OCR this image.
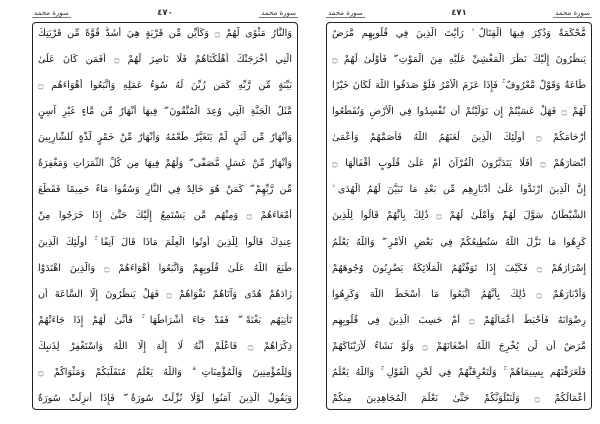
سورة محمد	٤٧٠	سورة محمد	سورة محمد	٤٧١	سورة محمد
وَالنَّارُ مَثْوًى لَّهُمْ ۝ وَكَأَيِّن مِّن قَرْيَةٍ هِيَ أَشَدُّ قُوَّةً مِّن قَرْيَتِكَ
الَّتِي أَخْرَجَتْكَ أَهْلَكْنَاهُمْ فَلَا نَاصِرَ لَهُمْ ۝ أَفَمَن كَانَ عَلَىٰ
بَيِّنَةٍ مِّن رَّبِّهِ كَمَن زُيِّنَ لَهُ سُوءُ عَمَلِهِ وَاتَّبَعُوا أَهْوَاءَهُم ۝
مَّثَلُ الْجَنَّةِ الَّتِي وُعِدَ الْمُتَّقُونَ ۖ فِيهَا أَنْهَارٌ مِّن مَّاءٍ غَيْرِ آسِنٍ
وَأَنْهَارٌ مِّن لَّبَنٍ لَّمْ يَتَغَيَّرْ طَعْمُهُ وَأَنْهَارٌ مِّنْ خَمْرٍ لَّذَّةٍ لِّلشَّارِبِينَ
وَأَنْهَارٌ مِّنْ عَسَلٍ مُّصَفًّى ۖ وَلَهُمْ فِيهَا مِن كُلِّ الثَّمَرَاتِ وَمَغْفِرَةٌ
مِّن رَّبِّهِمْ ۖ كَمَنْ هُوَ خَالِدٌ فِي النَّارِ وَسُقُوا مَاءً حَمِيمًا فَقَطَّعَ
أَمْعَاءَهُمْ ۝ وَمِنْهُم مَّن يَسْتَمِعُ إِلَيْكَ حَتَّىٰ إِذَا خَرَجُوا مِنْ
عِندِكَ قَالُوا لِلَّذِينَ أُوتُوا الْعِلْمَ مَاذَا قَالَ آنِفًا ۚ أُولَٰئِكَ الَّذِينَ
طَبَعَ اللَّهُ عَلَىٰ قُلُوبِهِمْ وَاتَّبَعُوا أَهْوَاءَهُمْ ۝ وَالَّذِينَ اهْتَدَوْا
زَادَهُمْ هُدًى وَآتَاهُمْ تَقْوَاهُمْ ۝ فَهَلْ يَنظُرُونَ إِلَّا السَّاعَةَ أَن
تَأْتِيَهُم بَغْتَةً ۖ فَقَدْ جَاءَ أَشْرَاطُهَا ۚ فَأَنَّىٰ لَهُمْ إِذَا جَاءَتْهُمْ
ذِكْرَاهُمْ ۝ فَاعْلَمْ أَنَّهُ لَا إِلَٰهَ إِلَّا اللَّهُ وَاسْتَغْفِرْ لِذَنبِكَ
وَلِلْمُؤْمِنِينَ وَالْمُؤْمِنَاتِ ۗ وَاللَّهُ يَعْلَمُ مُتَقَلَّبَكُمْ وَمَثْوَاكُمْ ۝
وَيَقُولُ الَّذِينَ آمَنُوا لَوْلَا نُزِّلَتْ سُورَةٌ ۖ فَإِذَا أُنزِلَتْ سُورَةٌ
مُّحْكَمَةٌ وَذُكِرَ فِيهَا الْقِتَالُ ۙ رَأَيْتَ الَّذِينَ فِي قُلُوبِهِم مَّرَضٌ
يَنظُرُونَ إِلَيْكَ نَظَرَ الْمَغْشِيِّ عَلَيْهِ مِنَ الْمَوْتِ ۖ فَأَوْلَىٰ لَهُمْ ۝
طَاعَةٌ وَقَوْلٌ مَّعْرُوفٌ ۚ فَإِذَا عَزَمَ الْأَمْرُ فَلَوْ صَدَقُوا اللَّهَ لَكَانَ خَيْرًا
لَّهُمْ ۝ فَهَلْ عَسَيْتُمْ إِن تَوَلَّيْتُمْ أَن تُفْسِدُوا فِي الْأَرْضِ وَتُقَطِّعُوا
أَرْحَامَكُمْ ۝ أُولَٰئِكَ الَّذِينَ لَعَنَهُمُ اللَّهُ فَأَصَمَّهُمْ وَأَعْمَىٰ
أَبْصَارَهُمْ ۝ أَفَلَا يَتَدَبَّرُونَ الْقُرْآنَ أَمْ عَلَىٰ قُلُوبٍ أَقْفَالُهَا ۝
إِنَّ الَّذِينَ ارْتَدُّوا عَلَىٰ أَدْبَارِهِم مِّن بَعْدِ مَا تَبَيَّنَ لَهُمُ الْهُدَى ۙ
الشَّيْطَانُ سَوَّلَ لَهُمْ وَأَمْلَىٰ لَهُمْ ۝ ذَٰلِكَ بِأَنَّهُمْ قَالُوا لِلَّذِينَ
كَرِهُوا مَا نَزَّلَ اللَّهُ سَنُطِيعُكُمْ فِي بَعْضِ الْأَمْرِ ۖ وَاللَّهُ يَعْلَمُ
إِسْرَارَهُمْ ۝ فَكَيْفَ إِذَا تَوَفَّتْهُمُ الْمَلَائِكَةُ يَضْرِبُونَ وُجُوهَهُمْ
وَأَدْبَارَهُمْ ۝ ذَٰلِكَ بِأَنَّهُمُ اتَّبَعُوا مَا أَسْخَطَ اللَّهَ وَكَرِهُوا
رِضْوَانَهُ فَأَحْبَطَ أَعْمَالَهُمْ ۝ أَمْ حَسِبَ الَّذِينَ فِي قُلُوبِهِم
مَّرَضٌ أَن لَّن يُخْرِجَ اللَّهُ أَضْغَانَهُمْ ۝ وَلَوْ نَشَاءُ لَأَرَيْنَاكَهُمْ
فَلَعَرَفْتَهُم بِسِيمَاهُمْ ۚ وَلَتَعْرِفَنَّهُمْ فِي لَحْنِ الْقَوْلِ ۚ وَاللَّهُ يَعْلَمُ
أَعْمَالَكُمْ ۝ وَلَنَبْلُوَنَّكُمْ حَتَّىٰ نَعْلَمَ الْمُجَاهِدِينَ مِنكُمْ
